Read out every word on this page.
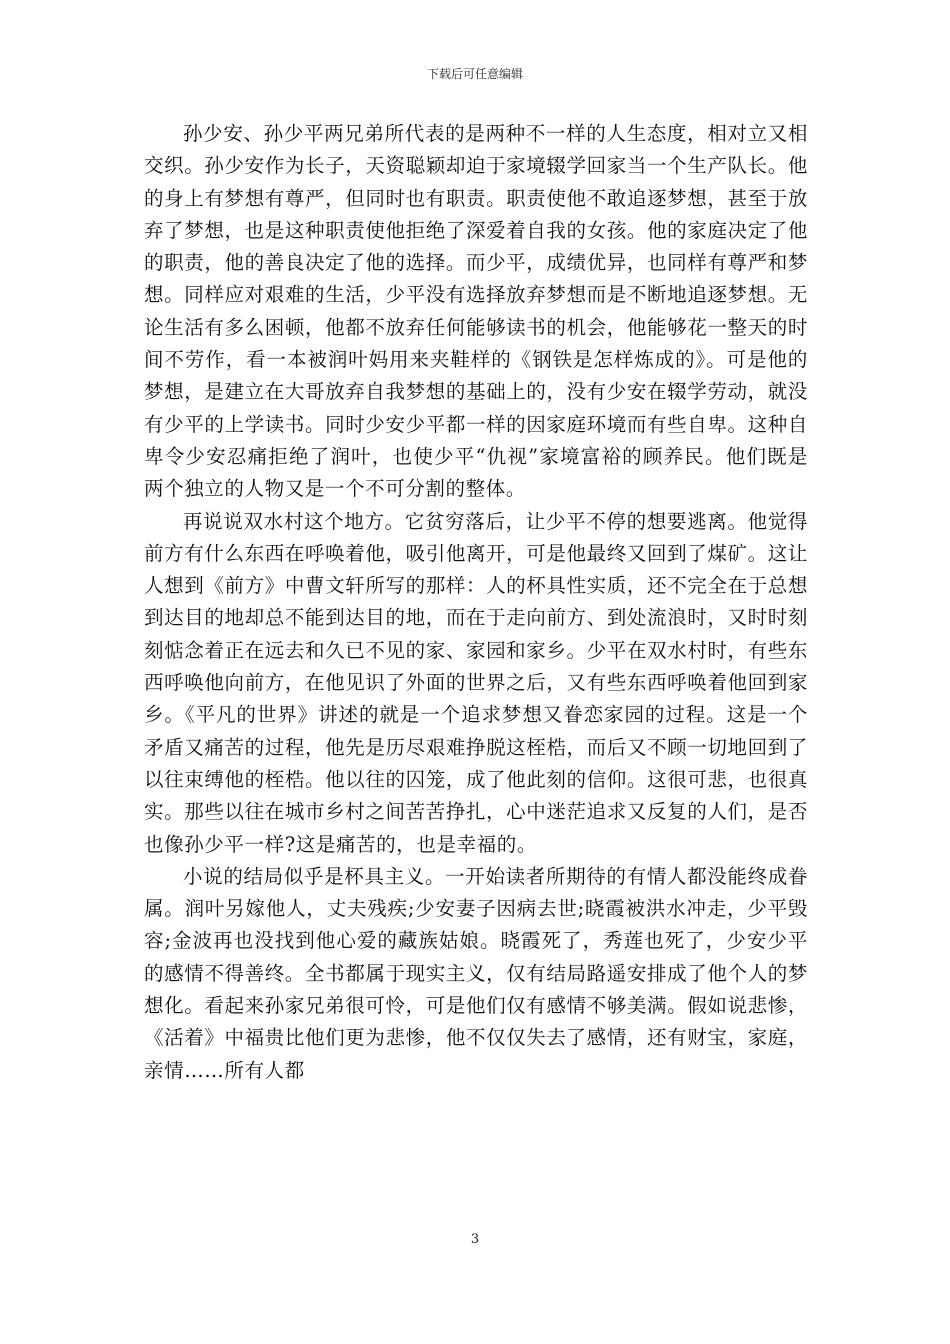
下载后可任意编辑

孙少安、孙少平两兄弟所代表的是两种不一样的人生态度，相对立又相交织。孙少安作为长子，天资聪颖却迫于家境辍学回家当一个生产队长。他的身上有梦想有尊严，但同时也有职责。职责使他不敢追逐梦想，甚至于放弃了梦想，也是这种职责使他拒绝了深爱着自我的女孩。他的家庭决定了他的职责，他的善良决定了他的选择。而少平，成绩优异，也同样有尊严和梦想。同样应对艰难的生活，少平没有选择放弃梦想而是不断地追逐梦想。无论生活有多么困顿，他都不放弃任何能够读书的机会，他能够花一整天的时间不劳作，看一本被润叶妈用来夹鞋样的《钢铁是怎样炼成的》。可是他的梦想，是建立在大哥放弃自我梦想的基础上的，没有少安在辍学劳动，就没有少平的上学读书。同时少安少平都一样的因家庭环境而有些自卑。这种自卑令少安忍痛拒绝了润叶，也使少平“仇视”家境富裕的顾养民。他们既是两个独立的人物又是一个不可分割的整体。

再说说双水村这个地方。它贫穷落后，让少平不停的想要逃离。他觉得前方有什么东西在呼唤着他，吸引他离开，可是他最终又回到了煤矿。这让人想到《前方》中曹文轩所写的那样：人的杯具性实质，还不完全在于总想到达目的地却总不能到达目的地，而在于走向前方、到处流浪时，又时时刻刻惦念着正在远去和久已不见的家、家园和家乡。少平在双水村时，有些东西呼唤他向前方，在他见识了外面的世界之后，又有些东西呼唤着他回到家乡。《平凡的世界》讲述的就是一个追求梦想又眷恋家园的过程。这是一个矛盾又痛苦的过程，他先是历尽艰难挣脱这桎梏，而后又不顾一切地回到了以往束缚他的桎梏。他以往的囚笼，成了他此刻的信仰。这很可悲，也很真实。那些以往在城市乡村之间苦苦挣扎，心中迷茫追求又反复的人们，是否也像孙少平一样?这是痛苦的，也是幸福的。

小说的结局似乎是杯具主义。一开始读者所期待的有情人都没能终成眷属。润叶另嫁他人，丈夫残疾;少安妻子因病去世;晓霞被洪水冲走，少平毁容;金波再也没找到他心爱的藏族姑娘。晓霞死了，秀莲也死了，少安少平的感情不得善终。全书都属于现实主义，仅有结局路遥安排成了他个人的梦想化。看起来孙家兄弟很可怜，可是他们仅有感情不够美满。假如说悲惨，《活着》中福贵比他们更为悲惨，他不仅仅失去了感情，还有财宝，家庭，亲情……所有人都

3
